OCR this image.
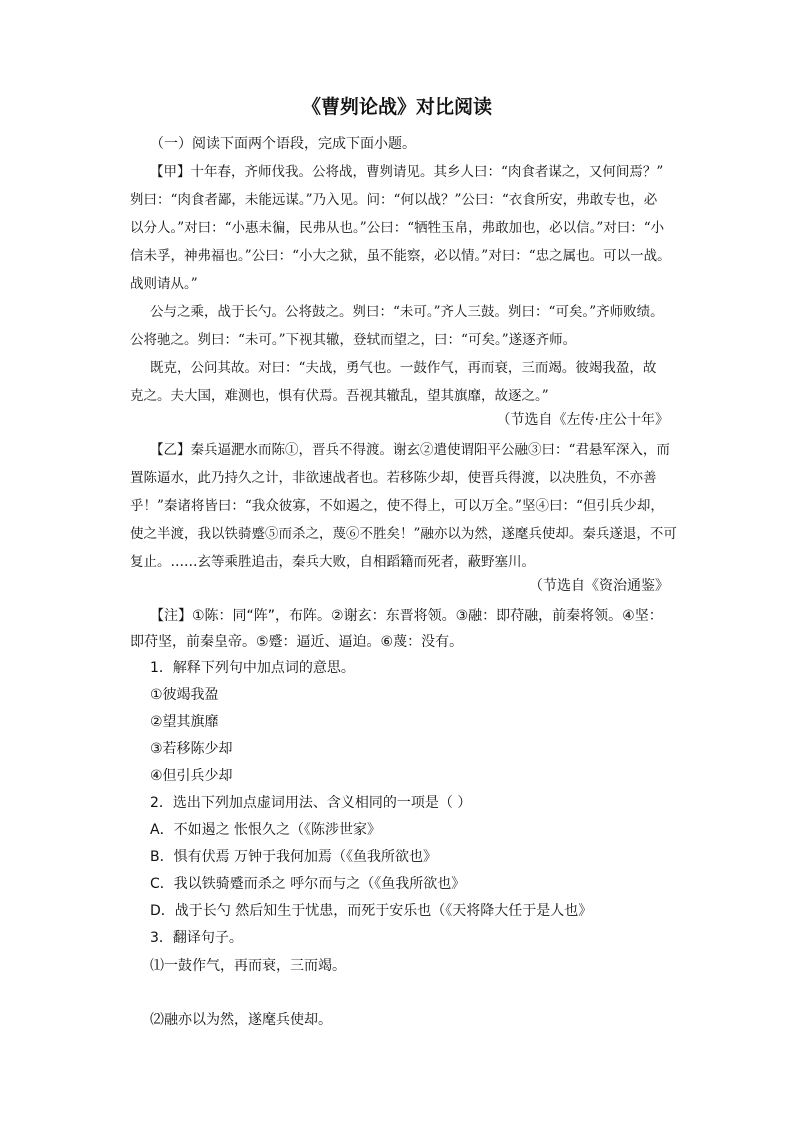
《曹刿论战》对比阅读
（一）阅读下面两个语段，完成下面小题。
【甲】十年春，齐师伐我。公将战，曹刿请见。其乡人曰：“肉食者谋之，又何间焉？”
刿曰：“肉食者鄙，未能远谋。”乃入见。问：“何以战？”公曰：“衣食所安，弗敢专也，必
以分人。”对曰：“小惠未徧，民弗从也。”公曰：“牺牲玉帛，弗敢加也，必以信。”对曰：“小
信未孚，神弗福也。”公曰：“小大之狱，虽不能察，必以情。”对曰：“忠之属也。可以一战。
战则请从。”
公与之乘，战于长勺。公将鼓之。刿曰：“未可。”齐人三鼓。刿曰：“可矣。”齐师败绩。
公将驰之。刿曰：“未可。”下视其辙，登轼而望之，曰：“可矣。”遂逐齐师。
既克，公问其故。对曰：“夫战，勇气也。一鼓作气，再而衰，三而竭。彼竭我盈，故
克之。夫大国，难测也，惧有伏焉。吾视其辙乱，望其旗靡，故逐之。”
（节选自《左传·庄公十年》
【乙】秦兵逼淝水而陈①，晋兵不得渡。谢玄②遣使谓阳平公融③曰：“君悬军深入，而
置陈逼水，此乃持久之计，非欲速战者也。若移陈少却，使晋兵得渡，以决胜负，不亦善
乎！”秦诸将皆曰：“我众彼寡，不如遏之，使不得上，可以万全。”坚④曰：“但引兵少却，
使之半渡，我以铁骑蹙⑤而杀之，蔑⑥不胜矣！”融亦以为然，遂麾兵使却。秦兵遂退，不可
复止。……玄等乘胜追击，秦兵大败，自相蹈籍而死者，蔽野塞川。
（节选自《资治通鉴》
【注】①陈：同“阵”，布阵。②谢玄：东晋将领。③融：即苻融，前秦将领。④坚：
即苻坚，前秦皇帝。⑤蹙：逼近、逼迫。⑥蔑：没有。
1．解释下列句中加点词的意思。
①彼竭我盈
②望其旗靡
③若移陈少却
④但引兵少却
2．选出下列加点虚词用法、含义相同的一项是（ ）
A．不如遏之 怅恨久之（《陈涉世家》
B．惧有伏焉 万钟于我何加焉（《鱼我所欲也》
C．我以铁骑蹙而杀之 呼尔而与之（《鱼我所欲也》
D．战于长勺 然后知生于忧患，而死于安乐也（《天将降大任于是人也》
3．翻译句子。
⑴一鼓作气，再而衰，三而竭。
⑵融亦以为然，遂麾兵使却。
